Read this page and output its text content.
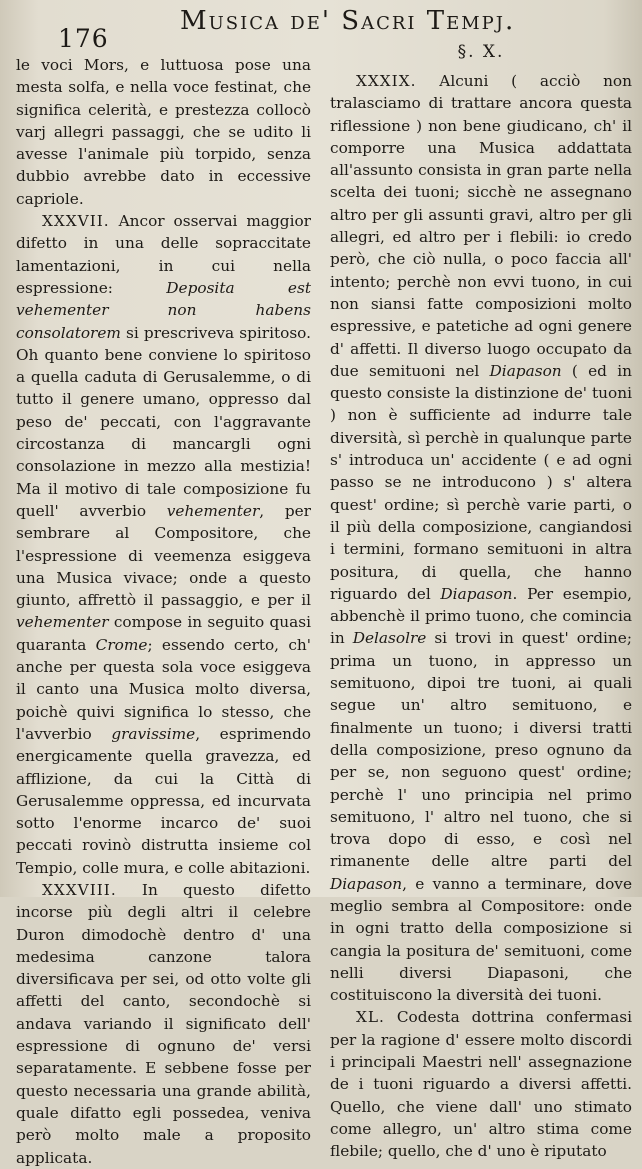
176
Musica de' Sacri Tempj.

le voci Mors, e luttuosa pose una mesta solfa, e nella voce festinat, che significa celerità, e prestezza collocò varj allegri passaggi, che se udito li avesse l'animale più torpido, senza dubbio avrebbe dato in eccessive capriole.

XXXVII. Ancor osservai maggior difetto in una delle sopraccitate lamentazioni, in cui nella espressione:	Deposita est vehementer non habens consolatorem si prescriveva spiritoso. Oh quanto bene conviene lo spiritoso a quella caduta di Gerusalemme, o di tutto il genere umano, oppresso dal peso de' peccati, con l'aggravante circostanza di mancargli ogni consolazione in mezzo alla mestizia! Ma il motivo di tale composizione fu quell' avverbio vehementer, per sembrare al Compositore, che l'espressione di veemenza esiggeva una Musica vivace; onde a questo giunto, affrettò il passaggio, e per il vehementer compose in seguito quasi quaranta Crome; essendo certo, ch' anche per questa sola voce esiggeva il canto una Musica molto diversa, poichè quivi significa lo stesso, che l'avverbio gravissime, esprimendo energicamente quella gravezza, ed afflizione, da cui la Città di Gerusalemme oppressa, ed incurvata sotto l'enorme incarco de' suoi peccati rovinò distrutta insieme col Tempio, colle mura, e colle abitazioni.

XXXVIII. In questo difetto incorse più degli altri il celebre Duron dimodochè dentro d' una medesima canzone talora diversificava per sei, od otto volte gli affetti del canto, secondochè si andava variando il significato dell' espressione di ognuno de' versi separatamente. E sebbene fosse per questo necessaria una grande abilità, quale difatto egli possedea, veniva però molto male a proposito applicata.

§. X.

XXXIX. Alcuni ( acciò non tralasciamo di trattare ancora questa riflessione ) non bene giudicano, ch' il comporre una Musica addattata all'assunto consista in gran parte nella scelta dei tuoni; sicchè ne assegnano altro per gli assunti gravi, altro per gli allegri, ed altro per i flebili: io credo però, che ciò nulla, o poco faccia all' intento; perchè non evvi tuono, in cui non siansi fatte composizioni molto espressive, e patetiche ad ogni genere d' affetti. Il diverso luogo occupato da due semituoni nel Diapason ( ed in questo consiste la distinzione de' tuoni ) non è sufficiente ad indurre tale diversità, sì perchè in qualunque parte s' introduca un' accidente ( e ad ogni passo se ne introducono ) s' altera quest' ordine; sì perchè varie parti, o il più della composizione, cangiandosi i termini, formano semituoni in altra positura, di quella, che hanno riguardo del Diapason. Per esempio, abbenchè il primo tuono, che comincia in Delasolre si trovi in quest' ordine; prima un tuono, in appresso un semituono, dipoi tre tuoni, ai quali segue un' altro semituono, e finalmente un tuono; i diversi tratti della composizione, preso ognuno da per se, non seguono quest' ordine; perchè l' uno principia nel primo semituono, l' altro nel tuono, che si trova dopo di esso, e così nel rimanente delle altre parti del Diapason, e vanno a terminare, dove meglio sembra al Compositore: onde in ogni tratto della composizione si cangia la positura de' semituoni, come nelli diversi Diapasoni, che costituiscono la diversità dei tuoni.

XL. Codesta dottrina confermasi per la ragione d' essere molto discordi i principali Maestri nell' assegnazione de i tuoni riguardo a diversi affetti. Quello, che viene dall' uno stimato come allegro, un' altro stima come flebile; quello, che d' uno è riputato
